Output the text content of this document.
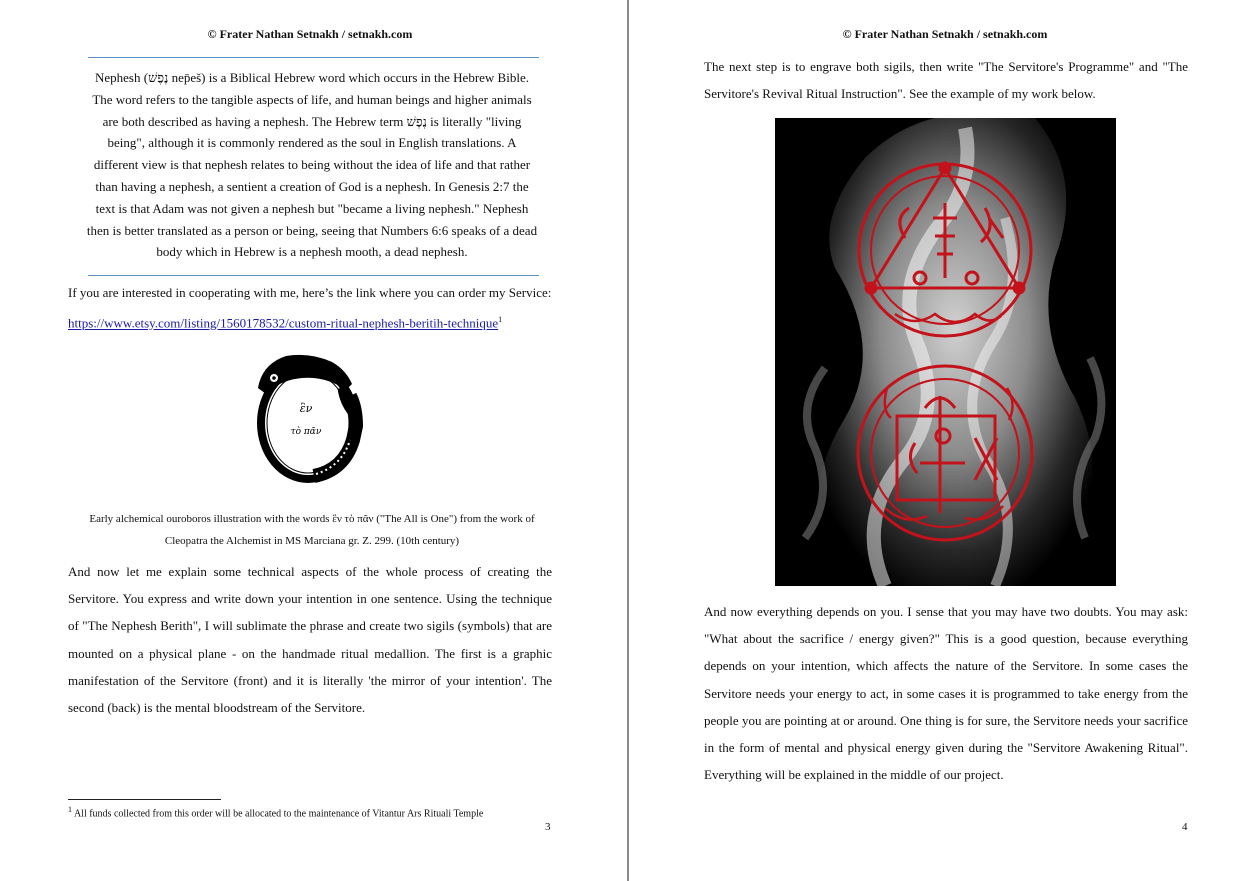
© Frater Nathan Setnakh / setnakh.com
Nephesh (נֶפֶשׁ nep̄eš) is a Biblical Hebrew word which occurs in the Hebrew Bible. The word refers to the tangible aspects of life, and human beings and higher animals are both described as having a nephesh. The Hebrew term נֶפֶשׁ is literally "living being", although it is commonly rendered as the soul in English translations. A different view is that nephesh relates to being without the idea of life and that rather than having a nephesh, a sentient a creation of God is a nephesh. In Genesis 2:7 the text is that Adam was not given a nephesh but "became a living nephesh." Nephesh then is better translated as a person or being, seeing that Numbers 6:6 speaks of a dead body which in Hebrew is a nephesh mooth, a dead nephesh.
If you are interested in cooperating with me, here’s the link where you can order my Service:
https://www.etsy.com/listing/1560178532/custom-ritual-nephesh-beritih-technique$^1$
ἓν
τὸ πᾶν
Early alchemical ouroboros illustration with the words ἓν τὸ πᾶν ("The All is One") from the work of Cleopatra the Alchemist in MS Marciana gr. Z. 299. (10th century)
And now let me explain some technical aspects of the whole process of creating the Servitore. You express and write down your intention in one sentence. Using the technique of "The Nephesh Berith", I will sublimate the phrase and create two sigils (symbols) that are mounted on a physical plane - on the handmade ritual medallion. The first is a graphic manifestation of the Servitore (front) and it is literally 'the mirror of your intention'. The second (back) is the mental bloodstream of the Servitore.
$^1$ All funds collected from this order will be allocated to the maintenance of Vitantur Ars Rituali Temple
3
© Frater Nathan Setnakh / setnakh.com
The next step is to engrave both sigils, then write "The Servitore's Programme" and "The Servitore's Revival Ritual Instruction". See the example of my work below.
And now everything depends on you. I sense that you may have two doubts. You may ask: "What about the sacrifice / energy given?" This is a good question, because everything depends on your intention, which affects the nature of the Servitore. In some cases the Servitore needs your energy to act, in some cases it is programmed to take energy from the people you are pointing at or around. One thing is for sure, the Servitore needs your sacrifice in the form of mental and physical energy given during the "Servitore Awakening Ritual". Everything will be explained in the middle of our project.
4
